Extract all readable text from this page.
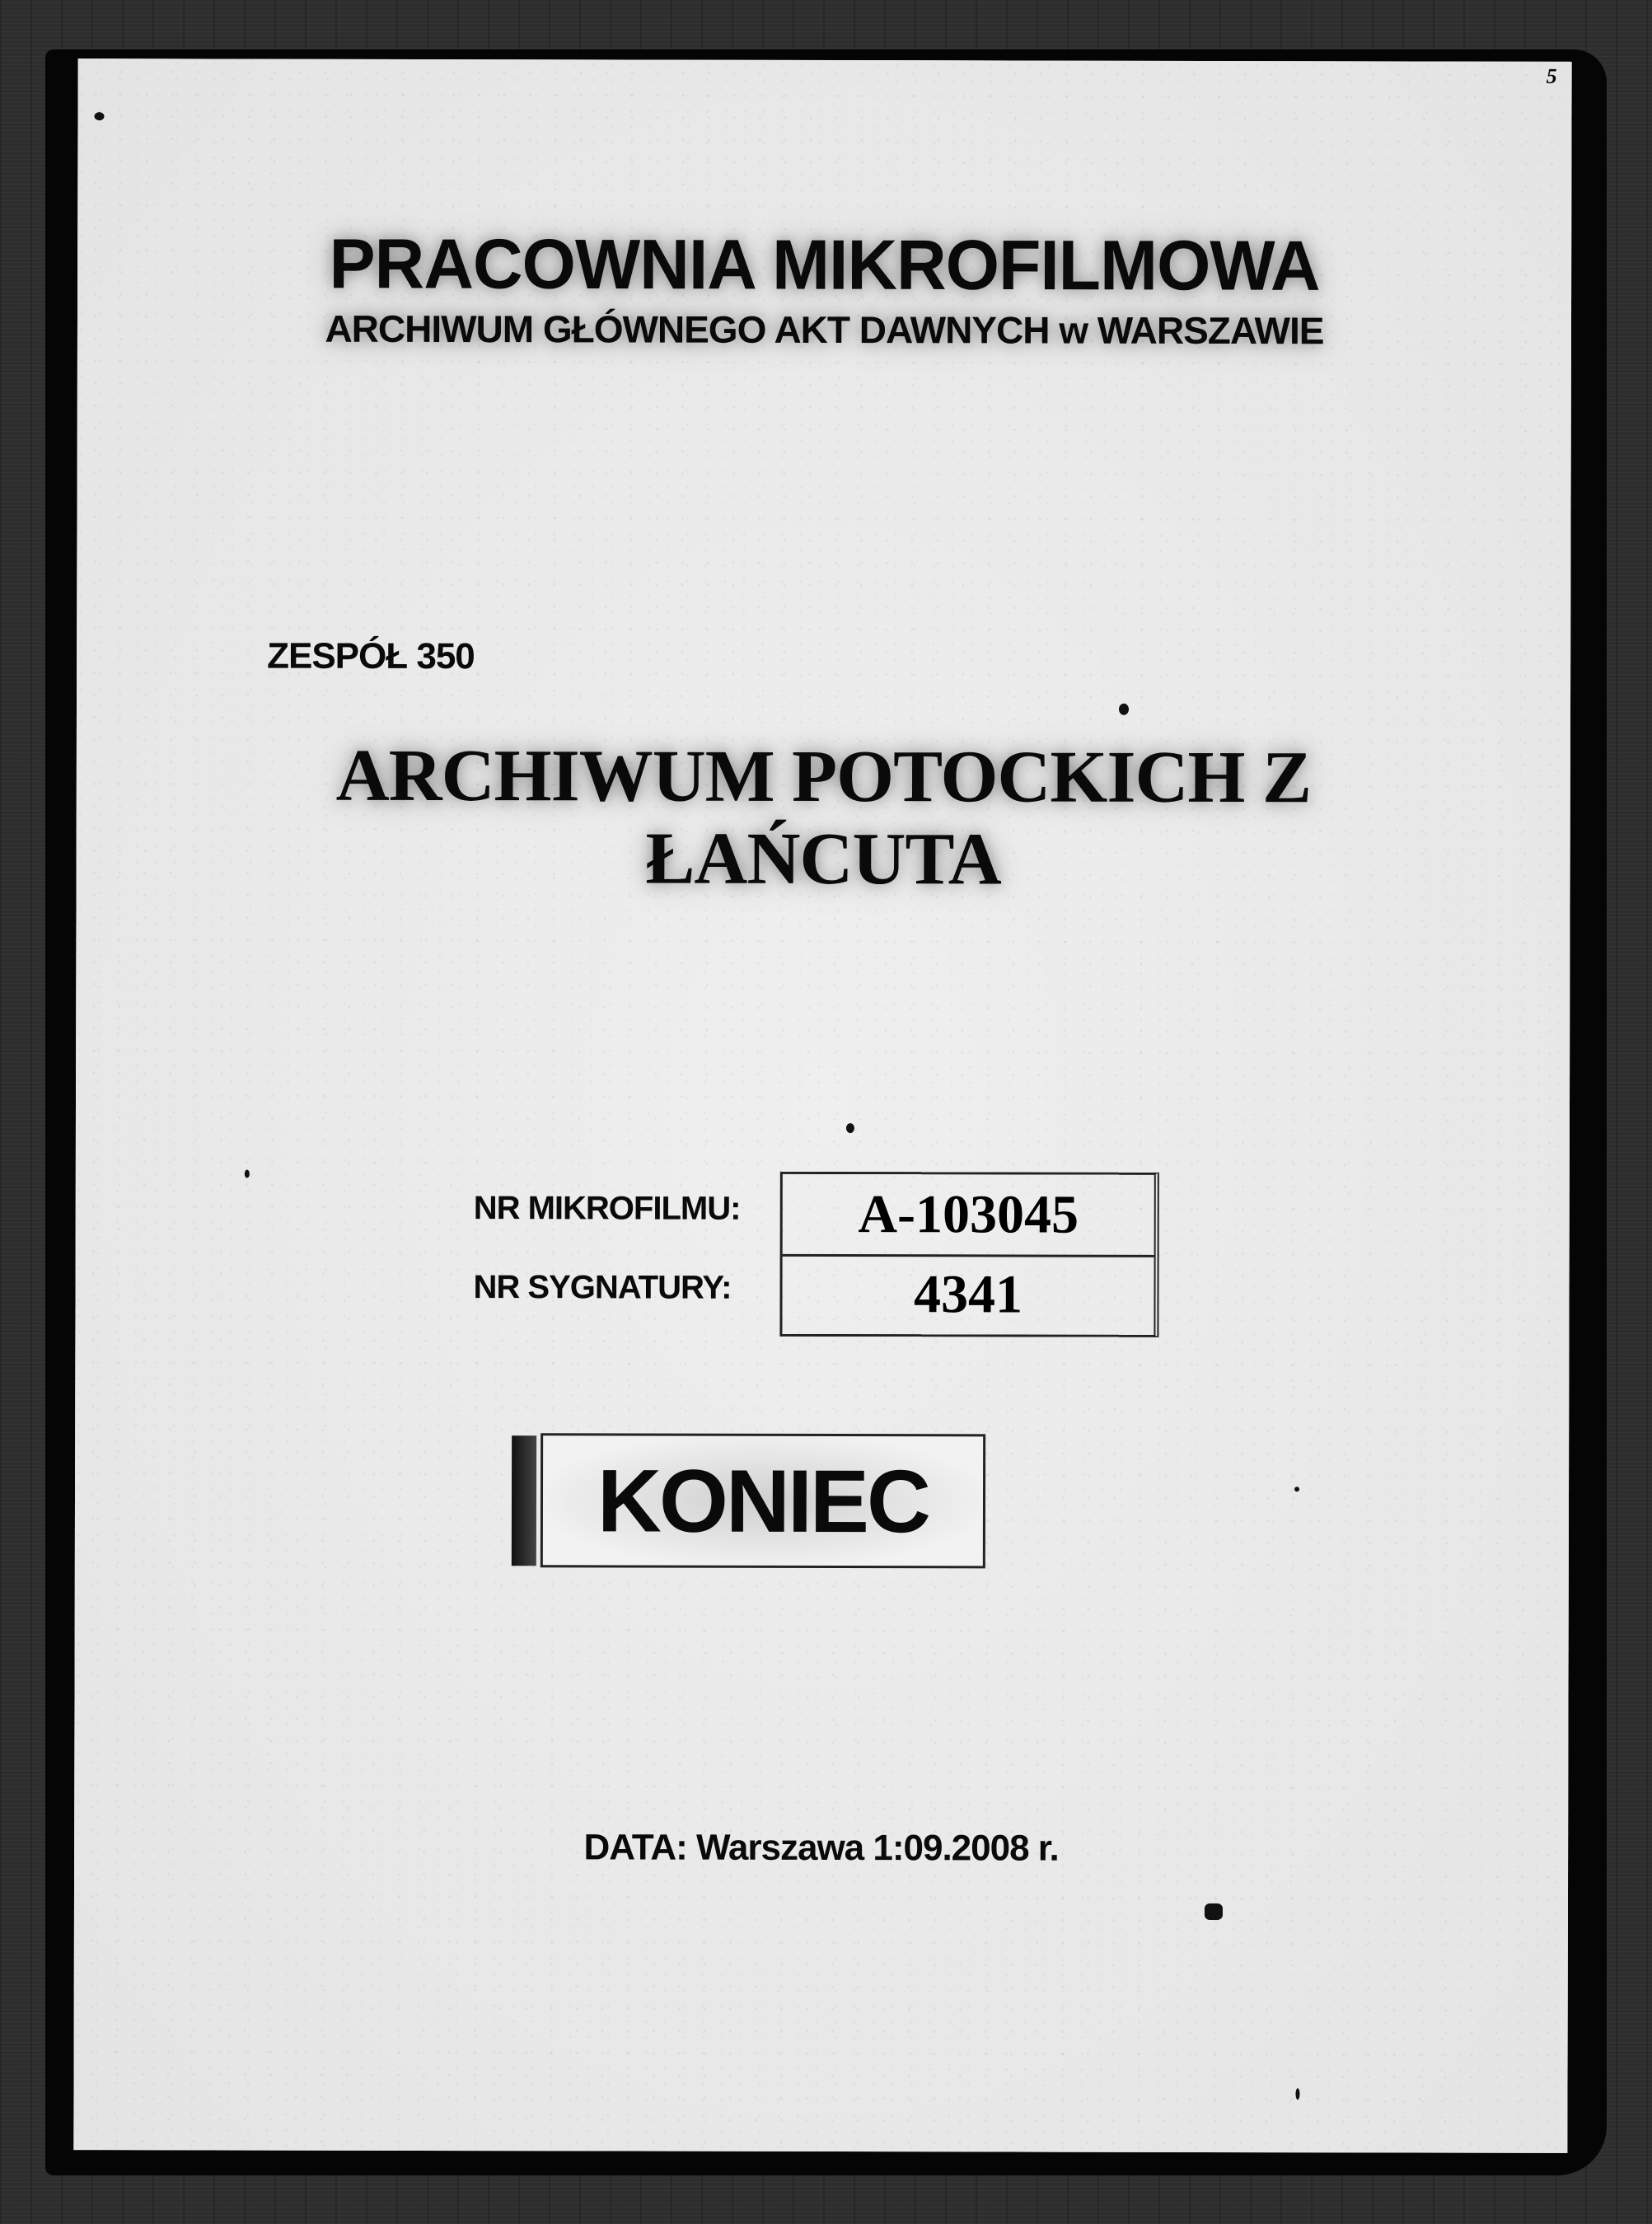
5
PRACOWNIA MIKROFILMOWA
ARCHIWUM GŁÓWNEGO AKT DAWNYCH w WARSZAWIE
ZESPÓŁ 350
ARCHIWUM POTOCKICH Z
ŁAŃCUTA
NR MIKROFILMU:
NR SYGNATURY:
A-103045
4341
KONIEC
DATA: Warszawa 1:09.2008 r.
